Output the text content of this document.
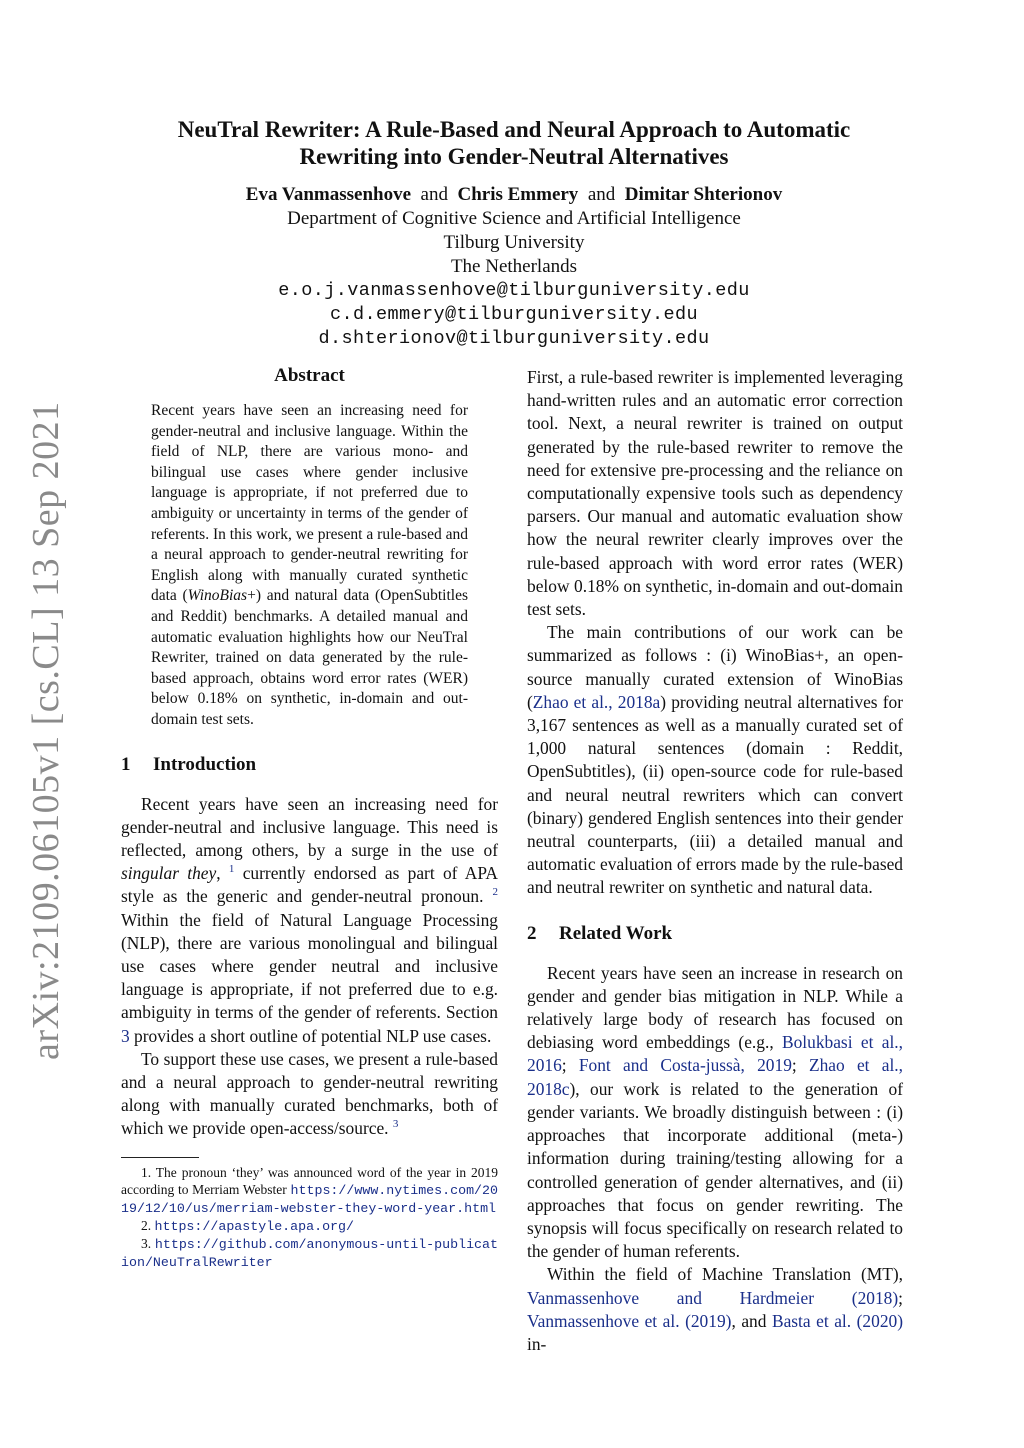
arXiv:2109.06105v1 [cs.CL] 13 Sep 2021
NeuTral Rewriter: A Rule-Based and Neural Approach to Automatic
Rewriting into Gender-Neutral Alternatives
Eva Vanmassenhove and Chris Emmery and Dimitar Shterionov
Department of Cognitive Science and Artificial Intelligence
Tilburg University
The Netherlands
e.o.j.vanmassenhove@tilburguniversity.edu
c.d.emmery@tilburguniversity.edu
d.shterionov@tilburguniversity.edu
Abstract

Recent years have seen an increasing need for gender-neutral and inclusive language. Within the field of NLP, there are various mono- and bilingual use cases where gender inclusive language is appropriate, if not preferred due to ambiguity or uncertainty in terms of the gender of referents. In this work, we present a rule-based and a neural approach to gender-neutral rewriting for English along with manually curated synthetic data (WinoBias+) and natural data (OpenSubtitles and Reddit) benchmarks. A detailed manual and automatic evaluation highlights how our NeuTral Rewriter, trained on data generated by the rule-based approach, obtains word error rates (WER) below 0.18% on synthetic, in-domain and out-domain test sets.

1 Introduction

Recent years have seen an increasing need for gender-neutral and inclusive language. This need is reflected, among others, by a surge in the use of singular they, $^1$ currently endorsed as part of APA style as the generic and gender-neutral pronoun. $^2$ Within the field of Natural Language Processing (NLP), there are various monolingual and bilingual use cases where gender neutral and inclusive language is appropriate, if not preferred due to e.g. ambiguity in terms of the gender of referents. Section 3 provides a short outline of potential NLP use cases.

To support these use cases, we present a rule-based and a neural approach to gender-neutral rewriting along with manually curated benchmarks, both of which we provide open-access/source. $^3$

1. The pronoun ‘they’ was announced word of the year in 2019 according to Merriam Webster https://www.nytimes.com/2019/12/10/us/merriam-webster-they-word-year.html

2. https://apastyle.apa.org/

3. https://github.com/anonymous-until-publication/NeuTralRewriter

First, a rule-based rewriter is implemented leveraging hand-written rules and an automatic error correction tool. Next, a neural rewriter is trained on output generated by the rule-based rewriter to remove the need for extensive pre-processing and the reliance on computationally expensive tools such as dependency parsers. Our manual and automatic evaluation show how the neural rewriter clearly improves over the rule-based approach with word error rates (WER) below 0.18% on synthetic, in-domain and out-domain test sets.

The main contributions of our work can be summarized as follows : (i) WinoBias+, an open-source manually curated extension of WinoBias (Zhao et al., 2018a) providing neutral alternatives for 3,167 sentences as well as a manually curated set of 1,000 natural sentences (domain : Reddit, OpenSubtitles), (ii) open-source code for rule-based and neural neutral rewriters which can convert (binary) gendered English sentences into their gender neutral counterparts, (iii) a detailed manual and automatic evaluation of errors made by the rule-based and neutral rewriter on synthetic and natural data.

2 Related Work

Recent years have seen an increase in research on gender and gender bias mitigation in NLP. While a relatively large body of research has focused on debiasing word embeddings (e.g., Bolukbasi et al., 2016; Font and Costa-jussà, 2019; Zhao et al., 2018c), our work is related to the generation of gender variants. We broadly distinguish between : (i) approaches that incorporate additional (meta-) information during training/testing allowing for a controlled generation of gender alternatives, and (ii) approaches that focus on gender rewriting. The synopsis will focus specifically on research related to the gender of human referents.

Within the field of Machine Translation (MT), Vanmassenhove and Hardmeier (2018); Vanmassenhove et al. (2019), and Basta et al. (2020) in-
